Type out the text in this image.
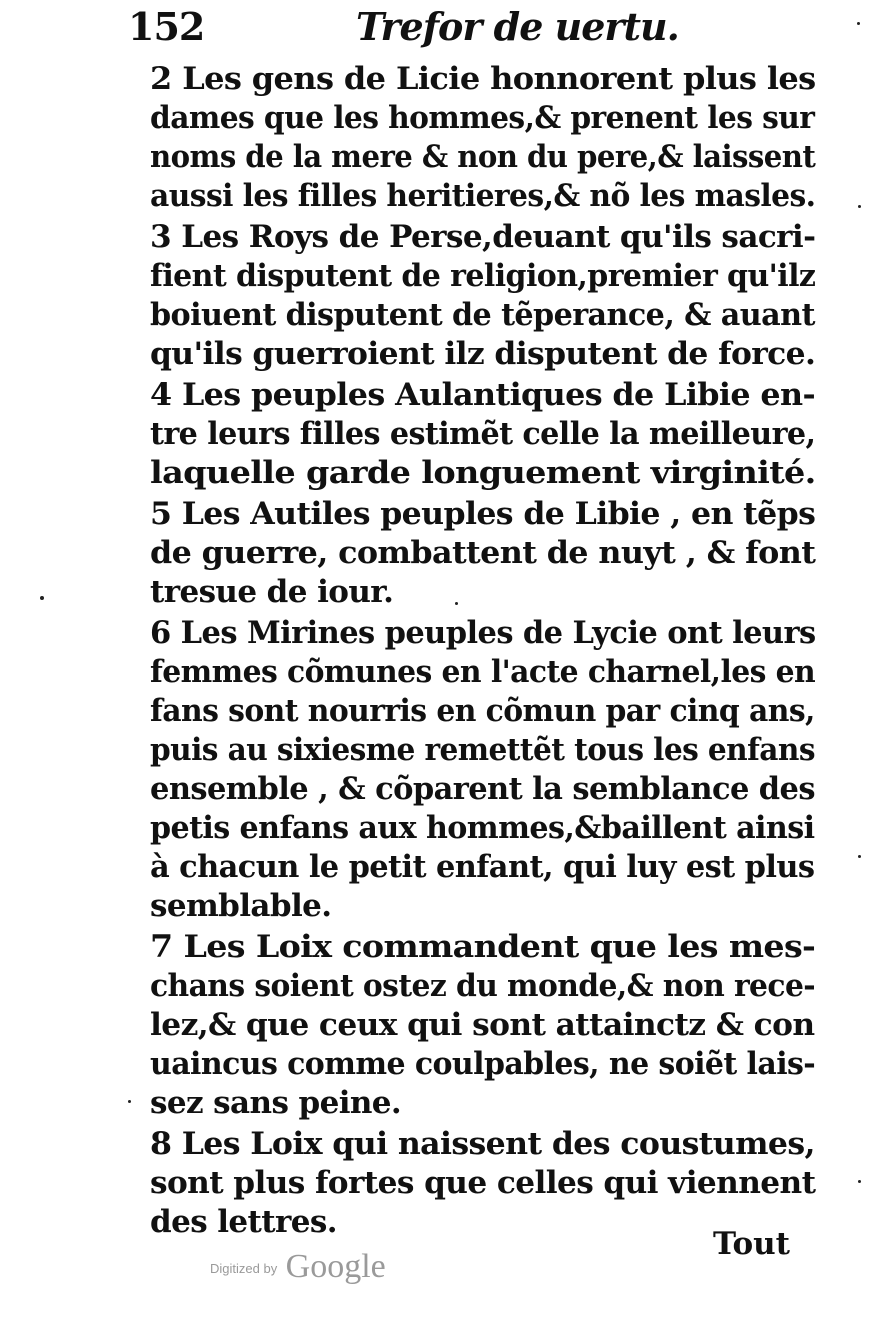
152	Trefor de uertu.
2 Les gens de Licie honnorent plus les
dames que les hommes,& prenent les sur
noms de la mere & non du pere,& laissent
aussi les filles heritieres,& nõ les masles.
3 Les Roys de Perse,deuant qu'ils sacri-
fient disputent de religion,premier qu'ilz
boiuent disputent de tẽperance, & auant
qu'ils guerroient ilz disputent de force.
4 Les peuples Aulantiques de Libie en-
tre leurs filles estimẽt celle la meilleure,
laquelle garde longuement virginité.
5 Les Autiles peuples de Libie , en tẽps
de guerre, combattent de nuyt , & font
tresue de iour.
6 Les Mirines peuples de Lycie ont leurs
femmes cõmunes en l'acte charnel,les en
fans sont nourris en cõmun par cinq ans,
puis au sixiesme remettẽt tous les enfans
ensemble , & cõparent la semblance des
petis enfans aux hommes,&baillent ainsi
à chacun le petit enfant, qui luy est plus
semblable.
7 Les Loix commandent que les mes-
chans soient ostez du monde,& non rece-
lez,& que ceux qui sont attainctz & con
uaincus comme coulpables, ne soiẽt lais-
sez sans peine.
8 Les Loix qui naissent des coustumes,
sont plus fortes que celles qui viennent
des lettres.
Tout
$^{Digitized by}$ Google
